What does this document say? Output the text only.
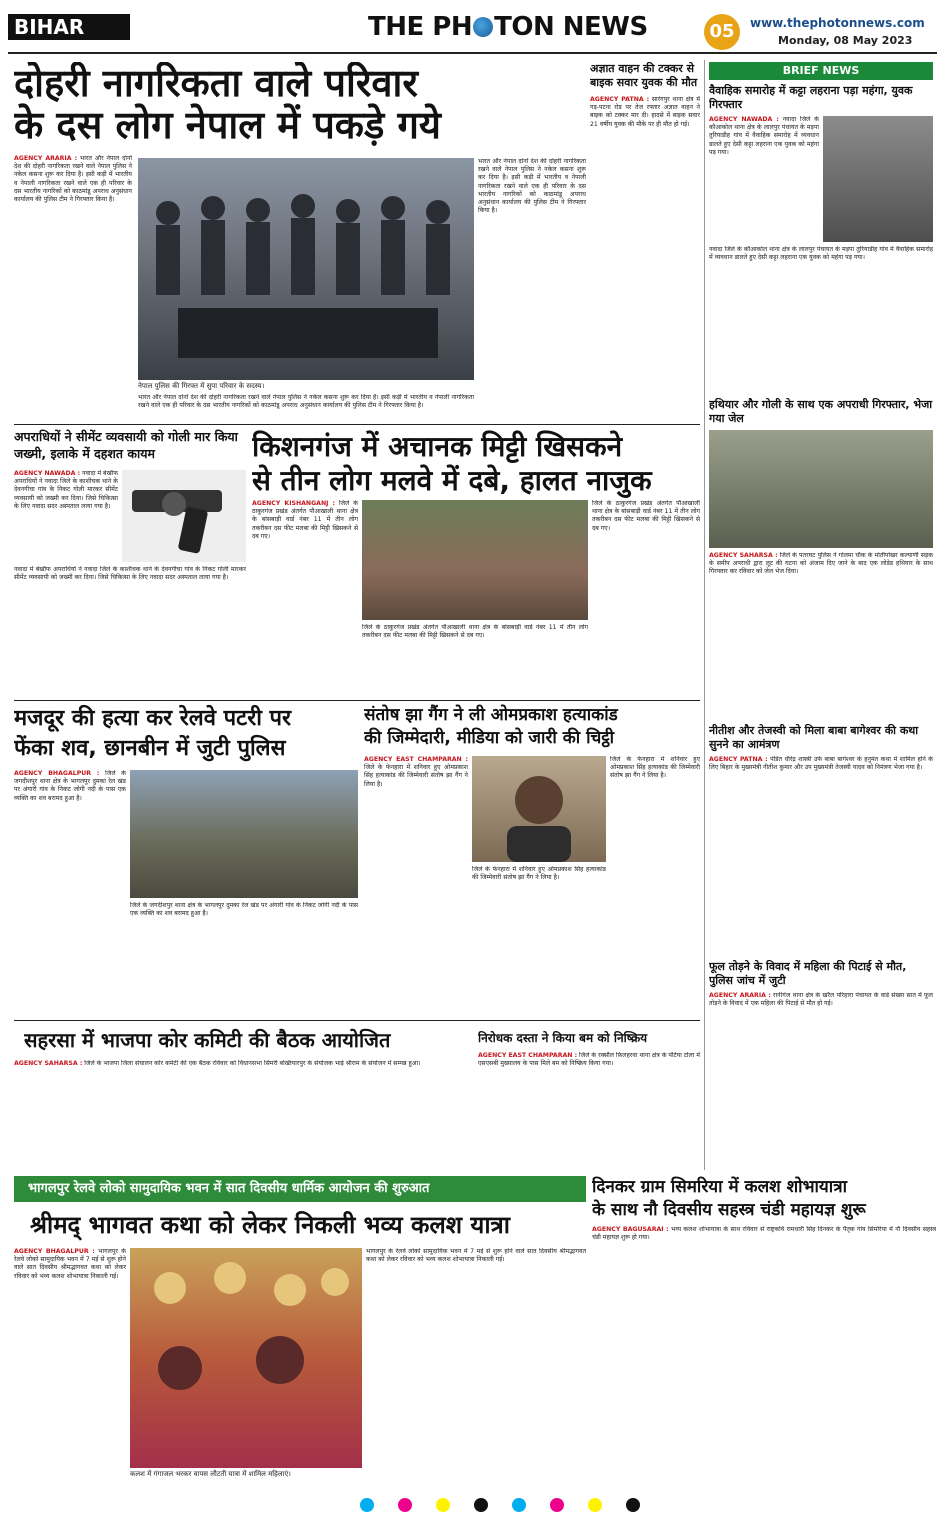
BIHAR	THE PH TON NEWS	05	www.thephotonnews.com
Monday, 08 May 2023
दोहरी नागरिकता वाले परिवार
के दस लोग नेपाल में पकड़े गये
AGENCY ARARIA : भारत और नेपाल दोनों देश की दोहरी नागरिकता रखने वाले नेपाल पुलिस ने नकेल कसना शुरू कर दिया है। इसी कड़ी में भारतीय व नेपाली नागरिकता रखने वाले एक ही परिवार के दस भारतीय नागरिकों को काठमांडू अपराध अनुसंधान कार्यालय की पुलिस टीम ने गिरफ्तार किया है।
नेपाल पुलिस की गिरफ्त में सुपा परिवार के सदस्य।
भारत और नेपाल दोनों देश की दोहरी नागरिकता रखने वाले नेपाल पुलिस ने नकेल कसना शुरू कर दिया है। इसी कड़ी में भारतीय व नेपाली नागरिकता रखने वाले एक ही परिवार के दस भारतीय नागरिकों को काठमांडू अपराध अनुसंधान कार्यालय की पुलिस टीम ने गिरफ्तार किया है।
भारत और नेपाल दोनों देश की दोहरी नागरिकता रखने वाले नेपाल पुलिस ने नकेल कसना शुरू कर दिया है। इसी कड़ी में भारतीय व नेपाली नागरिकता रखने वाले एक ही परिवार के दस भारतीय नागरिकों को काठमांडू अपराध अनुसंधान कार्यालय की पुलिस टीम ने गिरफ्तार किया है।
अज्ञात वाहन की टक्कर से बाइक सवार युवक की मौत
AGENCY PATNA : सारंगपुर थाना क्षेत्र में गड़-पटना रोड पर तेज रफ्तार अज्ञात वाहन ने बाइक को टक्कर मार दी। हादसे में बाइक सवार 21 वर्षीय युवक की मौके पर ही मौत हो गई।
BRIEF NEWS
वैवाहिक समारोह में कट्टा लहराना पड़ा महंगा, युवक गिरफ्तार
AGENCY NAWADA : नवादा जिले के कौआकोल थाना क्षेत्र के लालपुर पंचायत के मड़पा तुरियाडीह गांव में वैवाहिक समारोह में व्यवधान डालते हुए देसी कट्टा लहराना एक युवक को महंगा पड़ गया।
नवादा जिले के कौआकोल थाना क्षेत्र के लालपुर पंचायत के मड़पा तुरियाडीह गांव में वैवाहिक समारोह में व्यवधान डालते हुए देसी कट्टा लहराना एक युवक को महंगा पड़ गया।
हथियार और गोली के साथ एक अपराधी गिरफ्तार, भेजा गया जेल
AGENCY SAHARSA : जिले के पतरघट पुलिस ने गोलमा चौक के मोतीपोखर कल्याणी सड़क के समीप अपराधी द्वारा लूट की घटना को अंजाम दिए जाने के बाद एक लोडेड हथियार के साथ गिरफ्तार कर रविवार को जेल भेज दिया।
नीतीश और तेजस्वी को मिला बाबा बागेश्वर की कथा सुनने का आमंत्रण
AGENCY PATNA : पंडित धीरेंद्र शास्त्री उर्फ बाबा बागेश्वर के हनुमंत कथा में शामिल होने के लिए बिहार के मुख्यमंत्री नीतीश कुमार और उप मुख्यमंत्री तेजस्वी यादव को निमंत्रण भेजा गया है।
फूल तोड़ने के विवाद में महिला की पिटाई से मौत, पुलिस जांच में जुटी
AGENCY ARARIA : रानीगंज थाना क्षेत्र के खरैल परिहारा पंचायत के वार्ड संख्या सात में फूल तोड़ने के विवाद में एक महिला की पिटाई से मौत हो गई।
अपराधियों ने सीमेंट व्यवसायी को गोली मार किया जख्मी, इलाके में दहशत कायम
AGENCY NAWADA : नवादा में बेखौफ अपराधियों ने नवादा जिले के काशीचक थाने के देवनगीचा गांव के निकट गोली मारकर सीमेंट व्यवसायी को जख्मी कर दिया। जिसे चिकित्सा के लिए नवादा सदर अस्पताल लाया गया है।
नवादा में बेखौफ अपराधियों ने नवादा जिले के काशीचक थाने के देवनगीचा गांव के निकट गोली मारकर सीमेंट व्यवसायी को जख्मी कर दिया। जिसे चिकित्सा के लिए नवादा सदर अस्पताल लाया गया है।
किशनगंज में अचानक मिट्टी खिसकने
से तीन लोग मलवे में दबे, हालत नाजुक
AGENCY KISHANGANJ : जिले के ठाकुरगंज प्रखंड अंतर्गत पौआखाली थाना क्षेत्र के बांसबाड़ी वार्ड नंबर 11 में तीन लोग तकरीबन दस फीट मलबा की मिट्टी खिसकने से दब गए।
जिले के ठाकुरगंज प्रखंड अंतर्गत पौआखाली थाना क्षेत्र के बांसबाड़ी वार्ड नंबर 11 में तीन लोग तकरीबन दस फीट मलबा की मिट्टी खिसकने से दब गए।
जिले के ठाकुरगंज प्रखंड अंतर्गत पौआखाली थाना क्षेत्र के बांसबाड़ी वार्ड नंबर 11 में तीन लोग तकरीबन दस फीट मलबा की मिट्टी खिसकने से दब गए।
मजदूर की हत्या कर रेलवे पटरी पर
फेंका शव, छानबीन में जुटी पुलिस
AGENCY BHAGALPUR : जिले के जगदीशपुर थाना क्षेत्र के भागलपुर दुमका रेल खंड पर अंगारी गांव के निकट जोगी नदी के पास एक व्यक्ति का शव बरामद हुआ है।
जिले के जगदीशपुर थाना क्षेत्र के भागलपुर दुमका रेल खंड पर अंगारी गांव के निकट जोगी नदी के पास एक व्यक्ति का शव बरामद हुआ है।
संतोष झा गैंग ने ली ओमप्रकाश हत्याकांड
की जिम्मेदारी, मीडिया को जारी की चिट्ठी
AGENCY EAST CHAMPARAN : जिले के फेनहारा में शनिवार हुए ओमप्रकाश सिंह हत्याकांड की जिम्मेवारी संतोष झा गैंग ने लिया है।
जिले के फेनहारा में शनिवार हुए ओमप्रकाश सिंह हत्याकांड की जिम्मेवारी संतोष झा गैंग ने लिया है।
जिले के फेनहारा में शनिवार हुए ओमप्रकाश सिंह हत्याकांड की जिम्मेवारी संतोष झा गैंग ने लिया है।
सहरसा में भाजपा कोर कमिटी की बैठक आयोजित
AGENCY SAHARSA : जिले के भाजपा जिला संचालन कोर कमेटी की एक बैठक रविवार को विधानसभा सिमरी बख्तियारपुर के संयोजक भाई श्रीराम के संयोजन में सम्पन्न हुआ।
निरोधक दस्ता ने किया बम को निष्क्रिय
AGENCY EAST CHAMPARAN : जिले के रक्सौल फ़िलहरवा थाना क्षेत्र के पंटिया टोला में एसएसबी मुख्यालय के पास मिले बम को निष्क्रिय किया गया।
भागलपुर रेलवे लोको सामुदायिक भवन में सात दिवसीय धार्मिक आयोजन की शुरुआत
श्रीमद् भागवत कथा को लेकर निकली भव्य कलश यात्रा
AGENCY BHAGALPUR : भागलपुर के रेलवे लोको सामुदायिक भवन में 7 मई से शुरू होने वाले सात दिवसीय श्रीमद्भागवत कथा को लेकर रविवार को भव्य कलश शोभायात्रा निकाली गई।
कलश में गंगाजल भरकर वापस लौटती यात्रा में शामिल महिलाएं।
भागलपुर के रेलवे लोको सामुदायिक भवन में 7 मई से शुरू होने वाले सात दिवसीय श्रीमद्भागवत कथा को लेकर रविवार को भव्य कलश शोभायात्रा निकाली गई।
दिनकर ग्राम सिमरिया में कलश शोभायात्रा
के साथ नौ दिवसीय सहस्त्र चंडी महायज्ञ शुरू
AGENCY BAGUSARAI : भव्य कलश शोभायात्रा के साथ रविवार से राष्ट्रकवि रामधारी सिंह दिनकर के पैतृक गांव सिमरिया में नौ दिवसीय सहस्त्र चंडी महायज्ञ शुरू हो गया।
